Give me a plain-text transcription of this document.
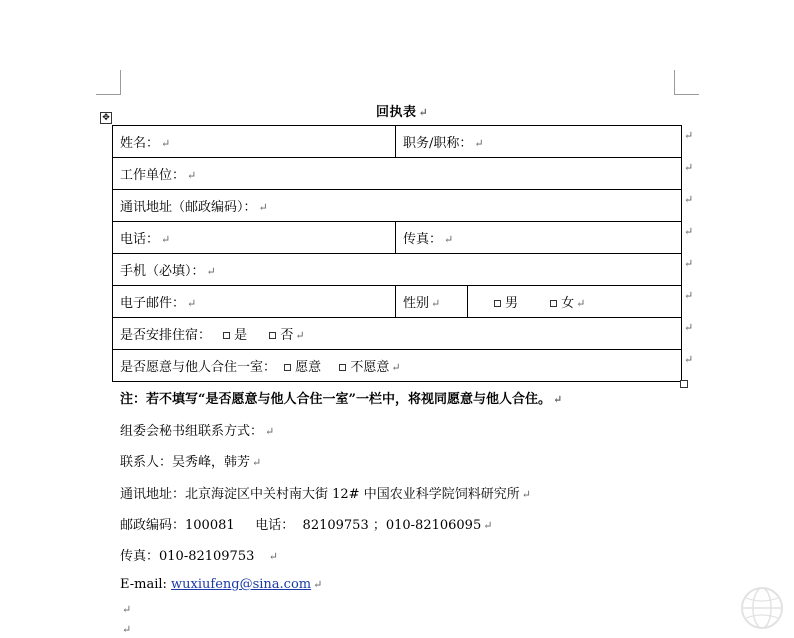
回执表 ↵
✥
姓名： ↵	职务/职称： ↵	
工作单位： ↵		
通讯地址（邮政编码）： ↵		
电话： ↵	传真： ↵	
手机（必填）： ↵		
电子邮件： ↵	性别 ↵	男 女 ↵
是否安排住宿： 是 否 ↵		
是否愿意与他人合住一室： 愿意 不愿意 ↵		
↵
↵
↵
↵
↵
↵
↵
↵
注：若不填写“是否愿意与他人合住一室”一栏中，将视同愿意与他人合住。 ↵
组委会秘书组联系方式： ↵
联系人：吴秀峰，韩芳 ↵
通讯地址：北京海淀区中关村南大街 12# 中国农业科学院饲料研究所 ↵
邮政编码：100081     电话：  82109753 ；010-82106095 ↵
传真：010-82109753   ↵
E-mail: wuxiufeng@sina.com ↵
↵
↵
